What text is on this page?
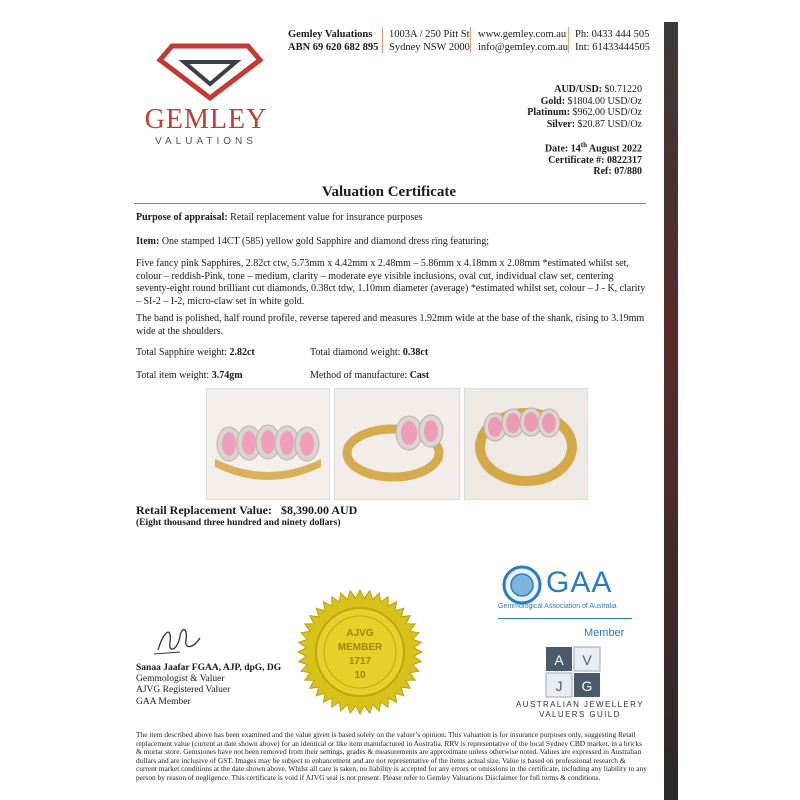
GEMLEY
VALUATIONS
Gemley Valuations
ABN 69 620 682 895
1003A / 250 Pitt St
Sydney NSW 2000
www.gemley.com.au
info@gemley.com.au
Ph: 0433 444 505
Int: 61433444505
AUD/USD: $0.71220
Gold: $1804.00 USD/Oz
Platinum: $962.00 USD/Oz
Silver: $20.87 USD/Oz
Date: 14th August 2022
Certificate #: 0822317
Ref: 07/880
Valuation Certificate
Purpose of appraisal: Retail replacement value for insurance purposes
Item: One stamped 14CT (585) yellow gold Sapphire and diamond dress ring featuring;
Five fancy pink Sapphires, 2.82ct ctw, 5.73mm x 4.42mm x 2.48mm – 5.86mm x 4.18mm x 2.08mm *estimated whilst set, colour – reddish-Pink, tone – medium, clarity – moderate eye visible inclusions, oval cut, individual claw set, centering seventy-eight round brilliant cut diamonds, 0.38ct tdw, 1.10mm diameter (average) *estimated whilst set, colour – J - K, clarity – SI-2 – I-2, micro-claw set in white gold.
The band is polished, half round profile, reverse tapered and measures 1.92mm wide at the base of the shank, rising to 3.19mm wide at the shoulders.
Total Sapphire weight: 2.82ct	Total diamond weight: 0.38ct
Total item weight: 3.74gm	Method of manufacture: Cast
Retail Replacement Value: $8,390.00 AUD
(Eight thousand three hundred and ninety dollars)
AJVG
MEMBER
1717
10
GAA
Gemmological Association of Australia
Member
A V
J G
AUSTRALIAN JEWELLERY
VALUERS GUILD
Sanaa Jaafar FGAA, AJP, dpG, DG
Gemmologist & Valuer
AJVG Registered Valuer
GAA Member
The item described above has been examined and the value given is based solely on the valuer’s opinion. This valuation is for insurance purposes only, suggesting Retail replacement value (current at date shown above) for an identical or like item manufactured in Australia. RRV is representative of the local Sydney CBD market, in a bricks & mortar store. Gemstones have not been removed from their settings, grades & measurements are approximate unless otherwise noted. Values are expressed in Australian dollars and are inclusive of GST. Images may be subject to enhancement and are not representative of the items actual size. Value is based on professional research & current market conditions at the date shown above. Whilst all care is taken, no liability is accepted for any errors or omissions in the certificate, including any liability to any person by reason of negligence. This certificate is void if AJVG seal is not present. Please refer to Gemley Valuations Disclaimer for full terms & conditions.
